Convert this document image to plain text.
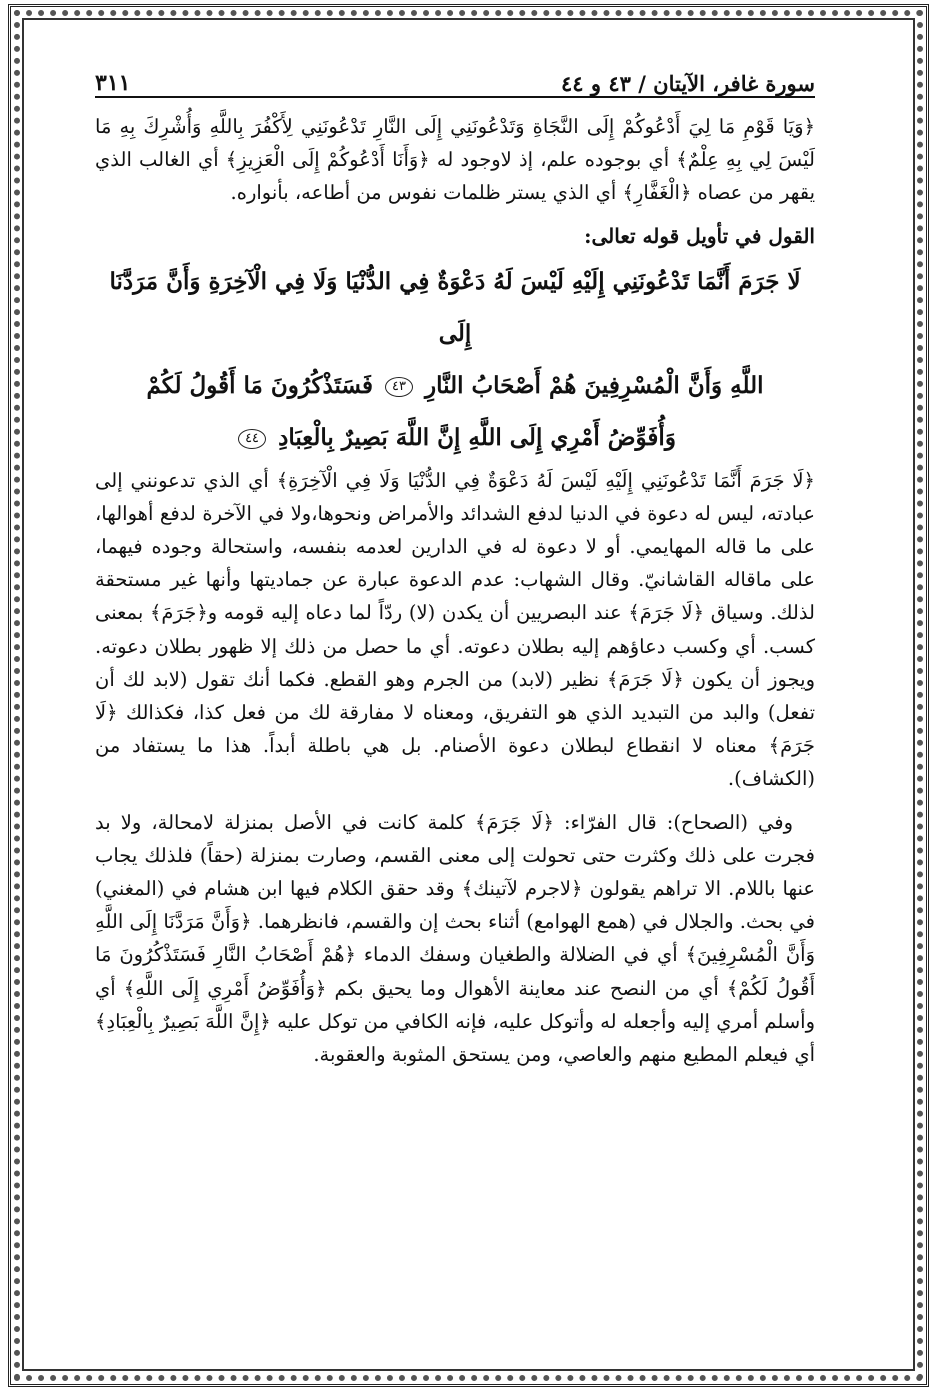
سورة غافر، الآيتان / ٤٣ و ٤٤
٣١١

﴿وَيَا قَوْمِ مَا لِيَ أَدْعُوكُمْ إِلَى النَّجَاةِ وَتَدْعُونَنِي إِلَى النَّارِ تَدْعُونَنِي لِأَكْفُرَ بِاللَّهِ وَأُشْرِكَ بِهِ مَا لَيْسَ لِي بِهِ عِلْمٌ﴾ أي بوجوده علم، إذ لاوجود له ﴿وَأَنَا أَدْعُوكُمْ إِلَى الْعَزِيزِ﴾ أي الغالب الذي يقهر من عصاه ﴿الْغَفَّارِ﴾ أي الذي يستر ظلمات نفوس من أطاعه، بأنواره.

القول في تأويل قوله تعالى:
لَا جَرَمَ أَنَّمَا تَدْعُونَنِي إِلَيْهِ لَيْسَ لَهُ دَعْوَةٌ فِي الدُّنْيَا وَلَا فِي الْآخِرَةِ وَأَنَّ مَرَدَّنَا إِلَى
اللَّهِ وَأَنَّ الْمُسْرِفِينَ هُمْ أَصْحَابُ النَّارِ ٤٣ فَسَتَذْكُرُونَ مَا أَقُولُ لَكُمْ
وَأُفَوِّضُ أَمْرِي إِلَى اللَّهِ إِنَّ اللَّهَ بَصِيرٌ بِالْعِبَادِ ٤٤

﴿لَا جَرَمَ أَنَّمَا تَدْعُونَنِي إِلَيْهِ لَيْسَ لَهُ دَعْوَةٌ فِي الدُّنْيَا وَلَا فِي الْآخِرَةِ﴾ أي الذي تدعونني إلى عبادته، ليس له دعوة في الدنيا لدفع الشدائد والأمراض ونحوها،ولا في الآخرة لدفع أهوالها، على ما قاله المهايمي. أو لا دعوة له في الدارين لعدمه بنفسه، واستحالة وجوده فيهما، على ماقاله القاشانيّ. وقال الشهاب: عدم الدعوة عبارة عن جماديتها وأنها غير مستحقة لذلك. وسياق ﴿لَا جَرَمَ﴾ عند البصريين أن يكدن (لا) ردّاً لما دعاه إليه قومه و﴿جَرَمَ﴾ بمعنى كسب. أي وكسب دعاؤهم إليه بطلان دعوته. أي ما حصل من ذلك إلا ظهور بطلان دعوته. ويجوز أن يكون ﴿لَا جَرَمَ﴾ نظير (لابد) من الجرم وهو القطع. فكما أنك تقول (لابد لك أن تفعل) والبد من التبديد الذي هو التفريق، ومعناه لا مفارقة لك من فعل كذا، فكذالك ﴿لَا جَرَمَ﴾ معناه لا انقطاع لبطلان دعوة الأصنام. بل هي باطلة أبداً. هذا ما يستفاد من (الكشاف).

وفي (الصحاح): قال الفرّاء: ﴿لَا جَرَمَ﴾ كلمة كانت في الأصل بمنزلة لامحالة، ولا بد فجرت على ذلك وكثرت حتى تحولت إلى معنى القسم، وصارت بمنزلة (حقاً) فلذلك يجاب عنها باللام. الا تراهم يقولون ﴿لاجرم لآتينك﴾ وقد حقق الكلام فيها ابن هشام في (المغني) في بحث. والجلال في (همع الهوامع) أثناء بحث إن والقسم، فانظرهما. ﴿وَأَنَّ مَرَدَّنَا إِلَى اللَّهِ وَأَنَّ الْمُسْرِفِينَ﴾ أي في الضلالة والطغيان وسفك الدماء ﴿هُمْ أَصْحَابُ النَّارِ فَسَتَذْكُرُونَ مَا أَقُولُ لَكُمْ﴾ أي من النصح عند معاينة الأهوال وما يحيق بكم ﴿وَأُفَوِّضُ أَمْرِي إِلَى اللَّهِ﴾ أي وأسلم أمري إليه وأجعله له وأتوكل عليه، فإنه الكافي من توكل عليه ﴿إِنَّ اللَّهَ بَصِيرٌ بِالْعِبَادِ﴾ أي فيعلم المطيع منهم والعاصي، ومن يستحق المثوبة والعقوبة.
